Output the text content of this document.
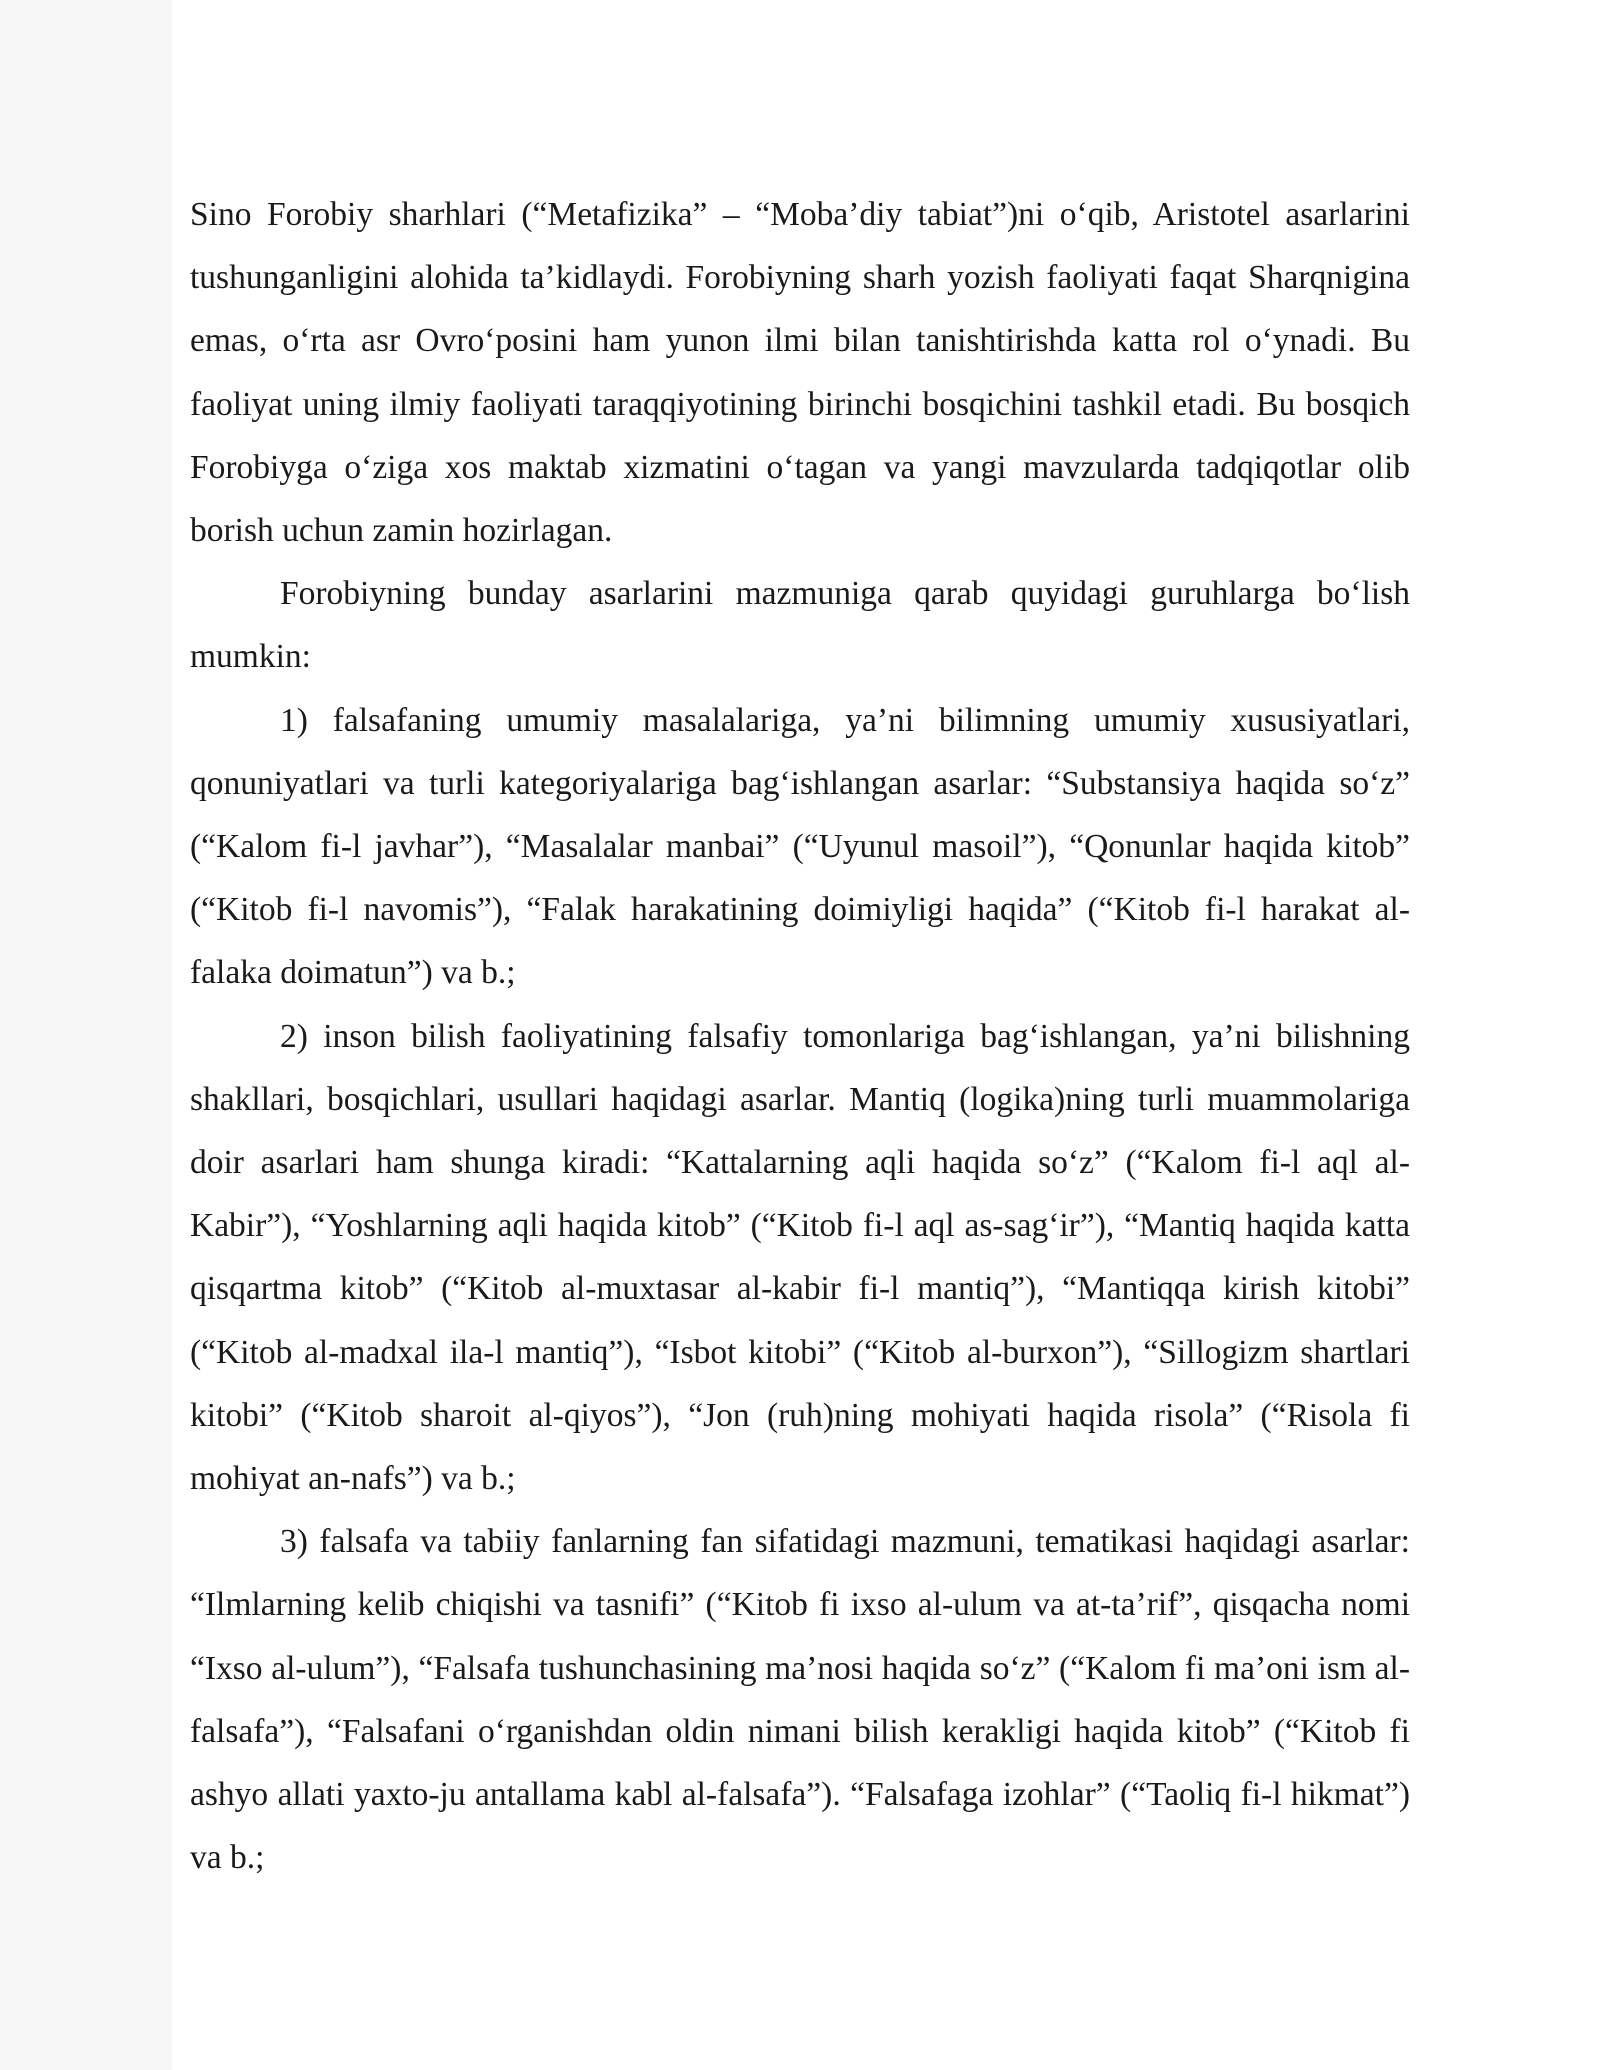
Sino Forobiy sharhlari (“Metafizika” – “Moba’diy tabiat”)ni o‘qib, Aristotel asarlarini tushunganligini alohida ta’kidlaydi. Forobiyning sharh yozish faoliyati faqat Sharqnigina emas, o‘rta asr Ovro‘posini ham yunon ilmi bilan tanishtirishda katta rol o‘ynadi. Bu faoliyat uning ilmiy faoliyati taraqqiyotining birinchi bosqichini tashkil etadi. Bu bosqich Forobiyga o‘ziga xos maktab xizmatini o‘tagan va yangi mavzularda tadqiqotlar olib borish uchun zamin hozirlagan.

Forobiyning bunday asarlarini mazmuniga qarab quyidagi guruhlarga bo‘lish mumkin:

1) falsafaning umumiy masalalariga, ya’ni bilimning umumiy xususiyatlari, qonuniyatlari va turli kategoriyalariga bag‘ishlangan asarlar: “Substansiya haqida so‘z” (“Kalom fi-l javhar”), “Masalalar manbai” (“Uyunul masoil”), “Qonunlar haqida kitob” (“Kitob fi-l navomis”), “Falak harakatining doimiyligi haqida” (“Kitob fi-l harakat al-falaka doimatun”) va b.;

2) inson bilish faoliyatining falsafiy tomonlariga bag‘ishlangan, ya’ni bilishning shakllari, bosqichlari, usullari haqidagi asarlar. Mantiq (logika)ning turli muammolariga doir asarlari ham shunga kiradi: “Kattalarning aqli haqida so‘z” (“Kalom fi-l aql al-Kabir”), “Yoshlarning aqli haqida kitob” (“Kitob fi-l aql as-sag‘ir”), “Mantiq haqida katta qisqartma kitob” (“Kitob al-muxtasar al-kabir fi-l mantiq”), “Mantiqqa kirish kitobi” (“Kitob al-madxal ila-l mantiq”), “Isbot kitobi” (“Kitob al-burxon”), “Sillogizm shartlari kitobi” (“Kitob sharoit al-qiyos”), “Jon (ruh)ning mohiyati haqida risola” (“Risola fi mohiyat an-nafs”) va b.;

3) falsafa va tabiiy fanlarning fan sifatidagi mazmuni, tematikasi haqidagi asarlar: “Ilmlarning kelib chiqishi va tasnifi” (“Kitob fi ixso al-ulum va at-ta’rif”, qisqacha nomi “Ixso al-ulum”), “Falsafa tushunchasining ma’nosi haqida so‘z” (“Kalom fi ma’oni ism al-falsafa”), “Falsafani o‘rganishdan oldin nimani bilish kerakligi haqida kitob” (“Kitob fi ashyo allati yaxto-ju antallama kabl al-falsafa”). “Falsafaga izohlar” (“Taoliq fi-l hikmat”) va b.;
